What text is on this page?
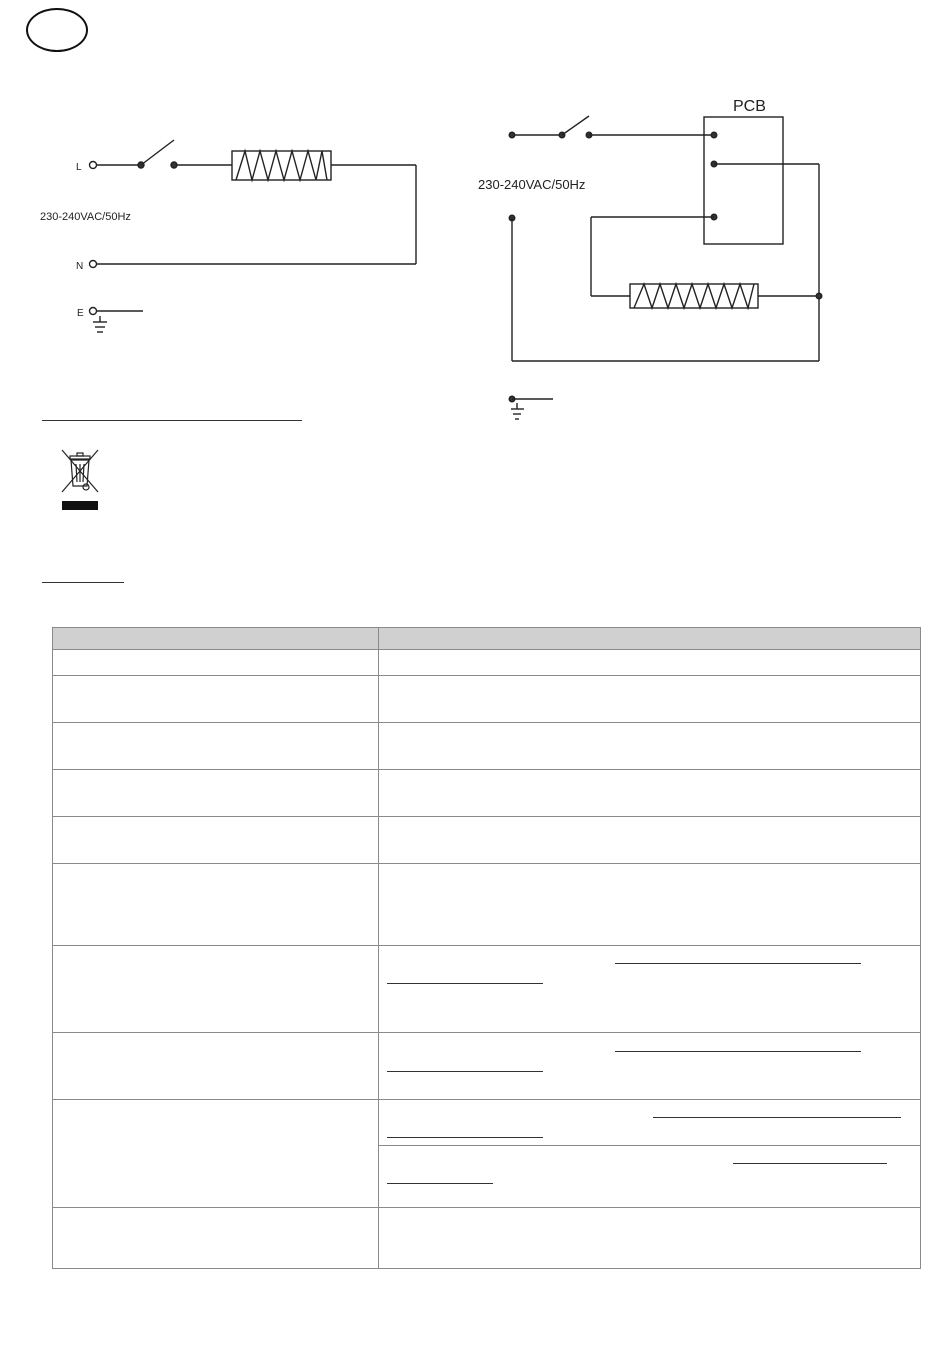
L
N
E
230-240VAC/50Hz
PCB
230-240VAC/50Hz
